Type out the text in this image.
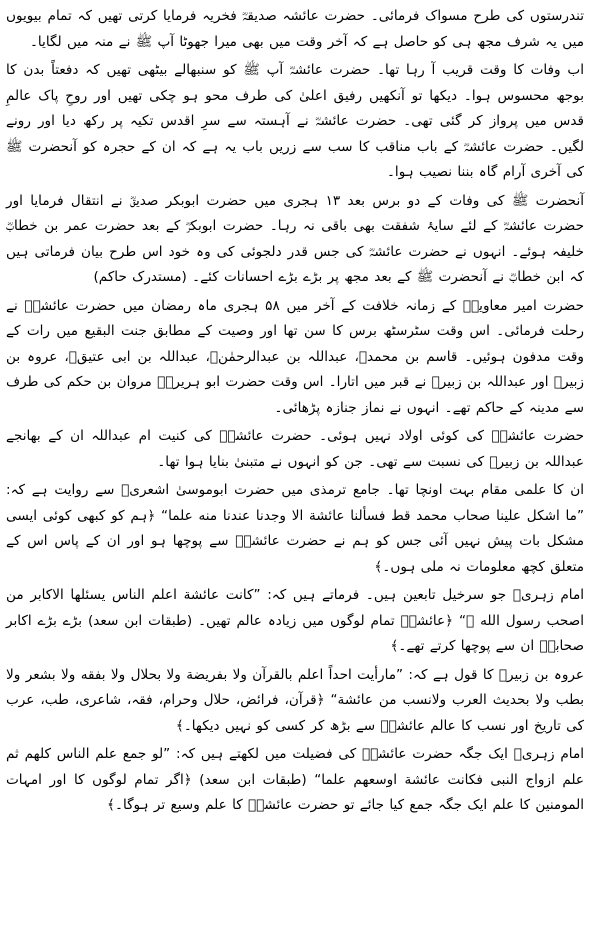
تندرستوں کی طرح مسواک فرمائی۔ حضرت عائشہ صدیقہؓ فخریہ فرمایا کرتی تھیں کہ تمام بیویوں میں یہ شرف مجھ ہی کو حاصل ہے کہ آخر وقت میں بھی میرا جھوٹا آپ ﷺ نے منہ میں لگایا۔

اب وفات کا وقت قریب آ رہا تھا۔ حضرت عائشہؓ آپ ﷺ کو سنبھالے بیٹھی تھیں کہ دفعتاً بدن کا بوجھ محسوس ہوا۔ دیکھا تو آنکھیں رفیق اعلیٰ کی طرف محو ہو چکی تھیں اور روحِ پاک عالمِ قدس میں پرواز کر گئی تھی۔ حضرت عائشہؓ نے آہستہ سے سرِ اقدس تکیہ پر رکھ دیا اور رونے لگیں۔ حضرت عائشہؓ کے باب مناقب کا سب سے زریں باب یہ ہے کہ ان کے حجرہ کو آنحضرت ﷺ کی آخری آرام گاہ بننا نصیب ہوا۔

آنحضرت ﷺ کی وفات کے دو برس بعد ۱۳ ہجری میں حضرت ابوبکر صدیقؓ نے انتقال فرمایا اور حضرت عائشہؓ کے لئے سایۂ شفقت بھی باقی نہ رہا۔ حضرت ابوبکرؓ کے بعد حضرت عمر بن خطابؓ خلیفہ ہوئے۔ انہوں نے حضرت عائشہؓ کی جس قدر دلجوئی کی وہ خود اس طرح بیان فرماتی ہیں کہ ابن خطابؓ نے آنحضرت ﷺ کے بعد مجھ پر بڑے بڑے احسانات کئے۔ (مستدرک حاکم)

حضرت امیر معاویہؓ کے زمانہ خلافت کے آخر میں ۵۸ ہجری ماہ رمضان میں حضرت عائشہؓ نے رحلت فرمائی۔ اس وقت سٹرسٹھ برس کا سن تھا اور وصیت کے مطابق جنت البقیع میں رات کے وقت مدفون ہوئیں۔ قاسم بن محمدؒ، عبداللہ بن عبدالرحمٰنؒ، عبداللہ بن ابی عتیقؒ، عروہ بن زبیرؒ اور عبداللہ بن زبیرؓ نے قبر میں اتارا۔ اس وقت حضرت ابو ہریرہؓ مروان بن حکم کی طرف سے مدینہ کے حاکم تھے۔ انہوں نے نماز جنازہ پڑھائی۔

حضرت عائشہؓ کی کوئی اولاد نہیں ہوئی۔ حضرت عائشہؓ کی کنیت ام عبداللہ ان کے بھانجے عبداللہ بن زبیرؓ کی نسبت سے تھی۔ جن کو انہوں نے متبنیٰ بنایا ہوا تھا۔

ان کا علمی مقام بہت اونچا تھا۔ جامع ترمذی میں حضرت ابوموسیٰ اشعریؓ سے روایت ہے کہ: ”ما اشکل علینا صحاب محمد قط فسألنا عائشة الا وجدنا عندنا منه علما“ ﴿ہم کو کبھی کوئی ایسی مشکل بات پیش نہیں آئی جس کو ہم نے حضرت عائشہؓ سے پوچھا ہو اور ان کے پاس اس کے متعلق کچھ معلومات نہ ملی ہوں۔﴾

امام زہریؒ جو سرخیل تابعین ہیں۔ فرماتے ہیں کہ: ”کانت عائشة اعلم الناس یسئلها الاکابر من اصحب رسول الله ﷺ“ ﴿عائشہؓ تمام لوگوں میں زیادہ عالم تھیں۔ (طبقات ابن سعد) بڑے بڑے اکابر صحابہؓ ان سے پوچھا کرتے تھے۔﴾

عروہ بن زبیرؓ کا قول ہے کہ: ”مارأیت احداً اعلم بالقرآن ولا بفریضة ولا بحلال ولا بفقه ولا بشعر ولا بطب ولا بحدیث العرب ولانسب من عائشة“ ﴿قرآن، فرائض، حلال وحرام، فقہ، شاعری، طب، عرب کی تاریخ اور نسب کا عالم عائشہؓ سے بڑھ کر کسی کو نہیں دیکھا۔﴾

امام زہریؒ ایک جگہ حضرت عائشہؓ کی فضیلت میں لکھتے ہیں کہ: ”لو جمع علم الناس کلهم ثم علم ازواج النبی فکانت عائشة اوسعهم علما“ (طبقات ابن سعد) ﴿اگر تمام لوگوں کا اور امہات المومنین کا علم ایک جگہ جمع کیا جائے تو حضرت عائشہؓ کا علم وسیع تر ہوگا۔﴾
